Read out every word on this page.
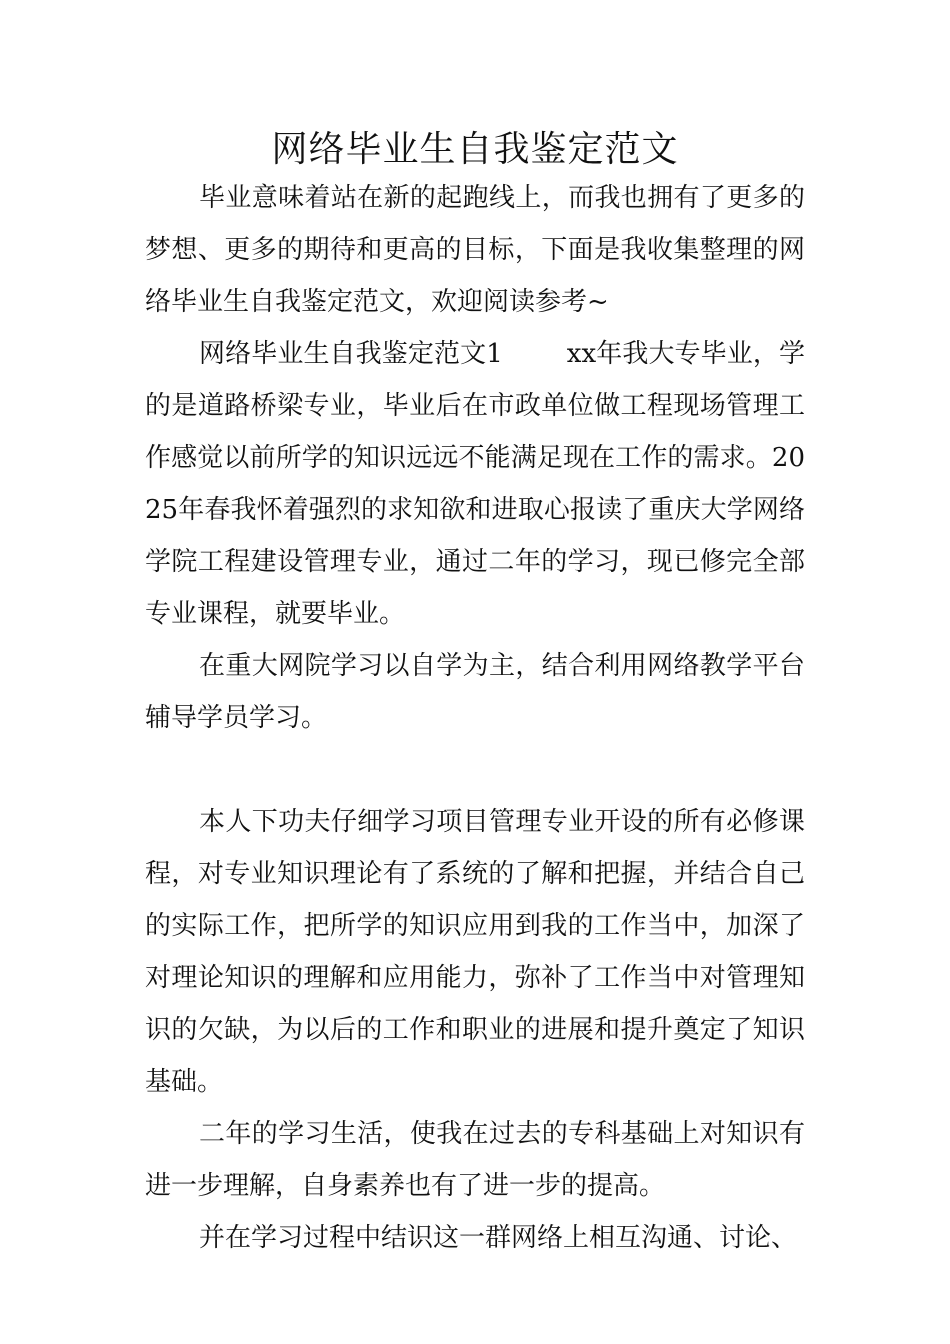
网络毕业生自我鉴定范文

毕业意味着站在新的起跑线上，而我也拥有了更多的梦想、更多的期待和更高的目标，下面是我收集整理的网络毕业生自我鉴定范文，欢迎阅读参考~

网络毕业生自我鉴定范文1 xx年我大专毕业，学的是道路桥梁专业，毕业后在市政单位做工程现场管理工作感觉以前所学的知识远远不能满足现在工作的需求。2025年春我怀着强烈的求知欲和进取心报读了重庆大学网络学院工程建设管理专业，通过二年的学习，现已修完全部专业课程，就要毕业。

在重大网院学习以自学为主，结合利用网络教学平台辅导学员学习。

本人下功夫仔细学习项目管理专业开设的所有必修课程，对专业知识理论有了系统的了解和把握，并结合自己的实际工作，把所学的知识应用到我的工作当中，加深了对理论知识的理解和应用能力，弥补了工作当中对管理知识的欠缺，为以后的工作和职业的进展和提升奠定了知识基础。

二年的学习生活，使我在过去的专科基础上对知识有进一步理解，自身素养也有了进一步的提高。

并在学习过程中结识这一群网络上相互沟通、讨论、
